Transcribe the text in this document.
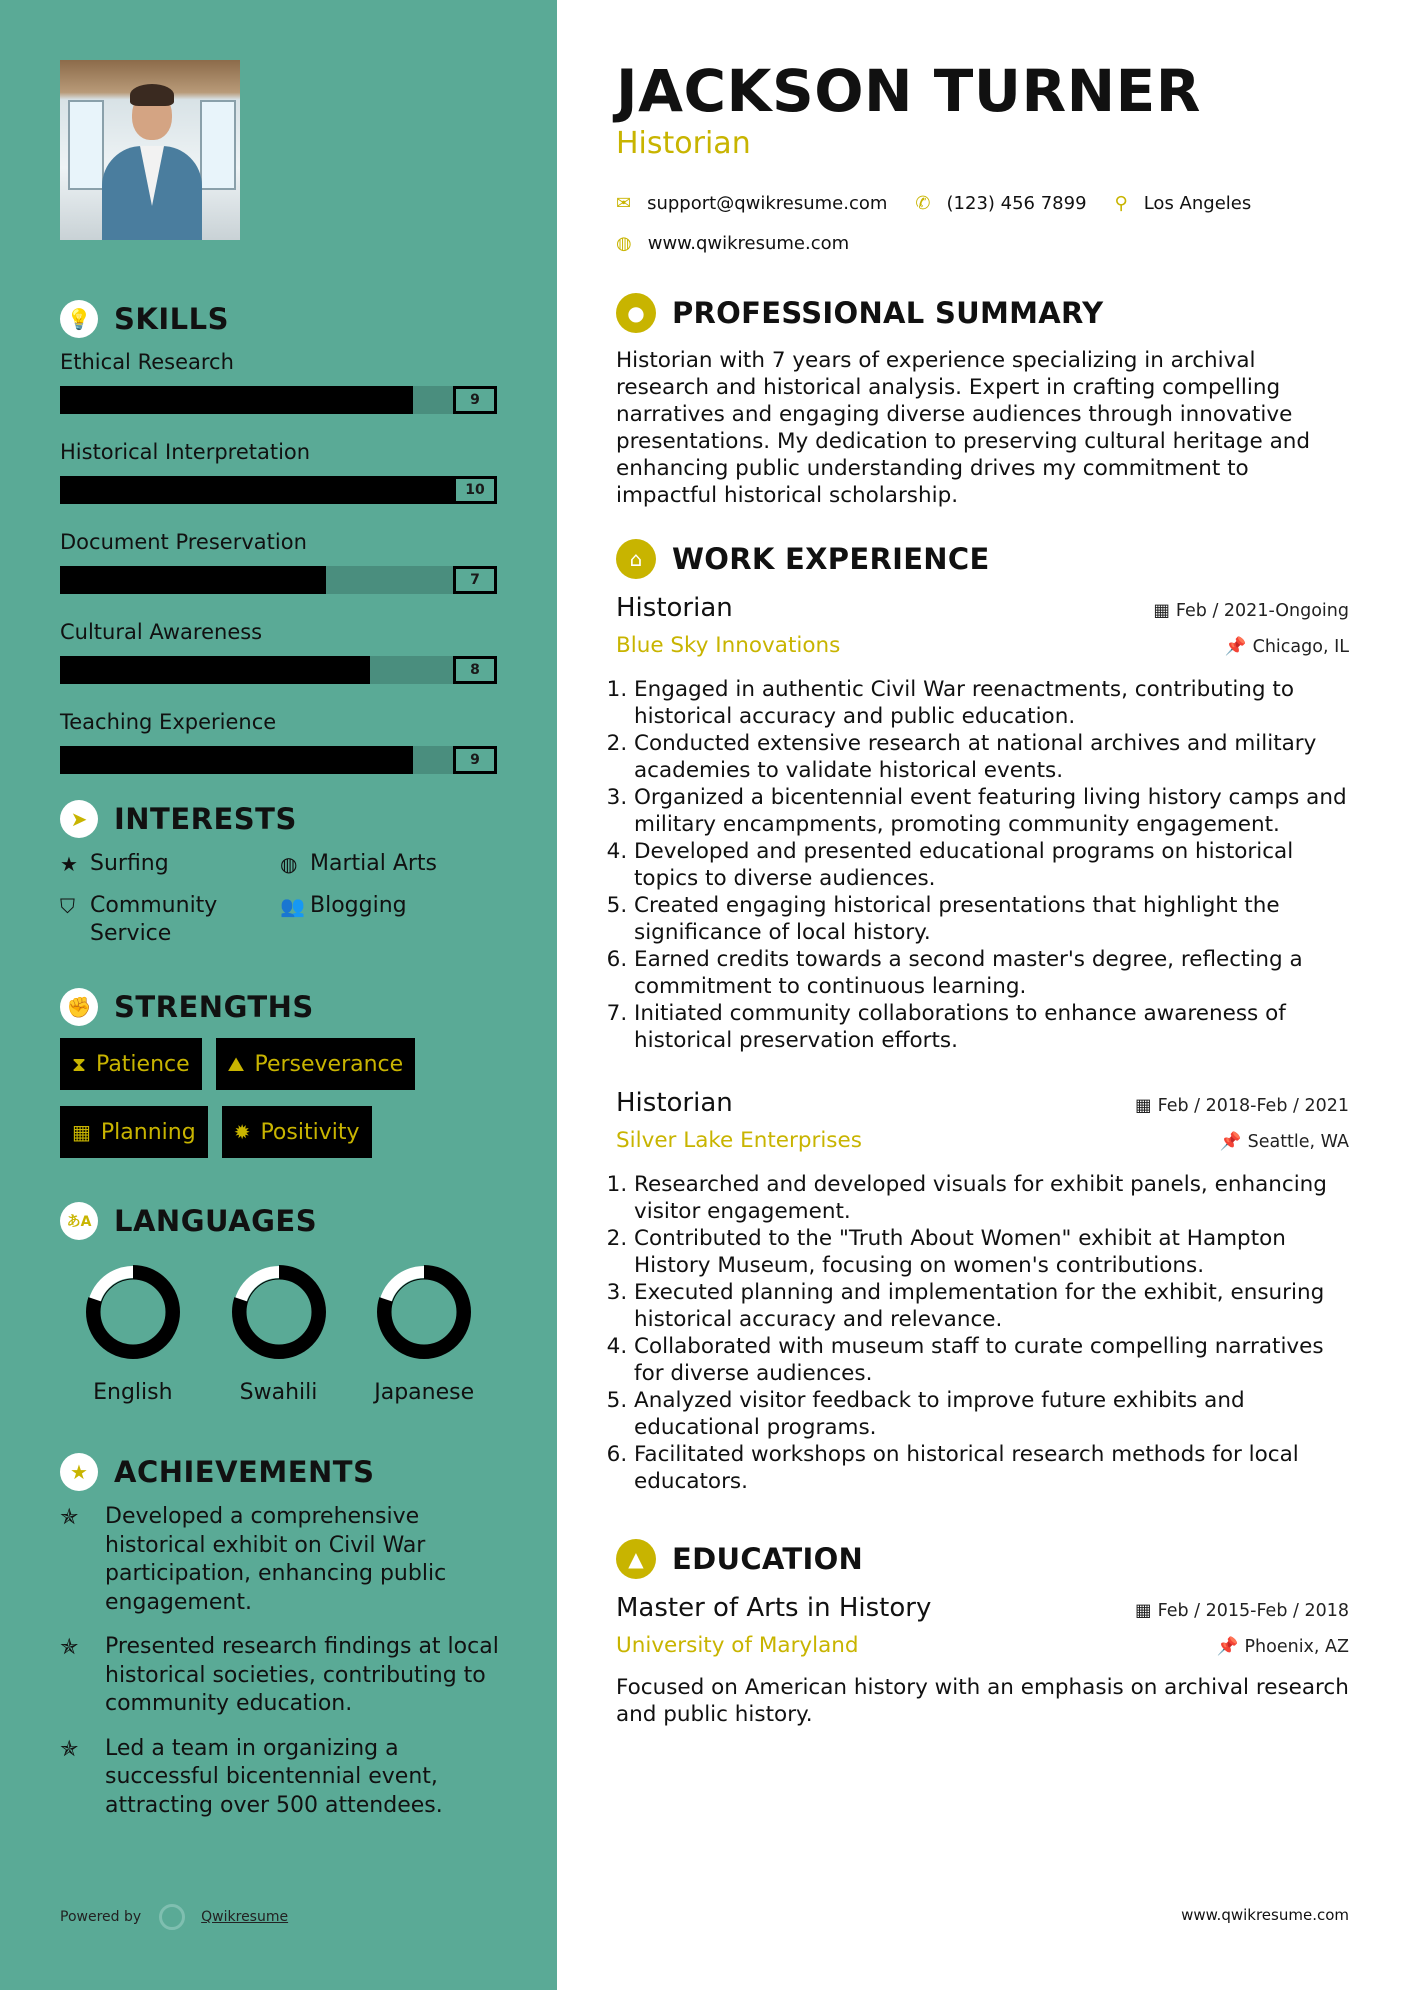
💡 SKILLS
Ethical Research
9
Historical Interpretation
10
Document Preservation
7
Cultural Awareness
8
Teaching Experience
9
➤ INTERESTS
★ Surfing	◍ Martial Arts
⛉ Community Service
👥 Blogging
✊ STRENGTHS
⧗ Patience ⛰ Perseverance
▦ Planning ✹ Positivity
あA LANGUAGES
English	Swahili	Japanese
★ ACHIEVEMENTS
✯	Developed a comprehensive historical exhibit on Civil War participation, enhancing public engagement.
✯	Presented research findings at local historical societies, contributing to community education.
✯	Led a team in organizing a successful bicentennial event, attracting over 500 attendees.
Powered by	Qwikresume
JACKSON TURNER
Historian
✉ support@qwikresume.com ✆ (123) 456 7899 ⚲ Los Angeles
◍ www.qwikresume.com
● PROFESSIONAL SUMMARY

Historian with 7 years of experience specializing in archival research and historical analysis. Expert in crafting compelling narratives and engaging diverse audiences through innovative presentations. My dedication to preserving cultural heritage and enhancing public understanding drives my commitment to impactful historical scholarship.

⌂	WORK EXPERIENCE
Historian	▦ Feb / 2021-Ongoing
Blue Sky Innovations	📌 Chicago, IL
1. Engaged in authentic Civil War reenactments, contributing to historical accuracy and public education.
2. Conducted extensive research at national archives and military academies to validate historical events.
3. Organized a bicentennial event featuring living history camps and military encampments, promoting community engagement.
4. Developed and presented educational programs on historical topics to diverse audiences.
5. Created engaging historical presentations that highlight the significance of local history.
6. Earned credits towards a second master's degree, reflecting a commitment to continuous learning.
7. Initiated community collaborations to enhance awareness of historical preservation efforts.
Historian	▦ Feb / 2018-Feb / 2021
Silver Lake Enterprises	📌 Seattle, WA
1. Researched and developed visuals for exhibit panels, enhancing visitor engagement.
2. Contributed to the "Truth About Women" exhibit at Hampton History Museum, focusing on women's contributions.
3. Executed planning and implementation for the exhibit, ensuring historical accuracy and relevance.
4. Collaborated with museum staff to curate compelling narratives for diverse audiences.
5. Analyzed visitor feedback to improve future exhibits and educational programs.
6. Facilitated workshops on historical research methods for local educators.
▲ EDUCATION
Master of Arts in History	▦ Feb / 2015-Feb / 2018
University of Maryland	📌 Phoenix, AZ

Focused on American history with an emphasis on archival research and public history.

www.qwikresume.com
